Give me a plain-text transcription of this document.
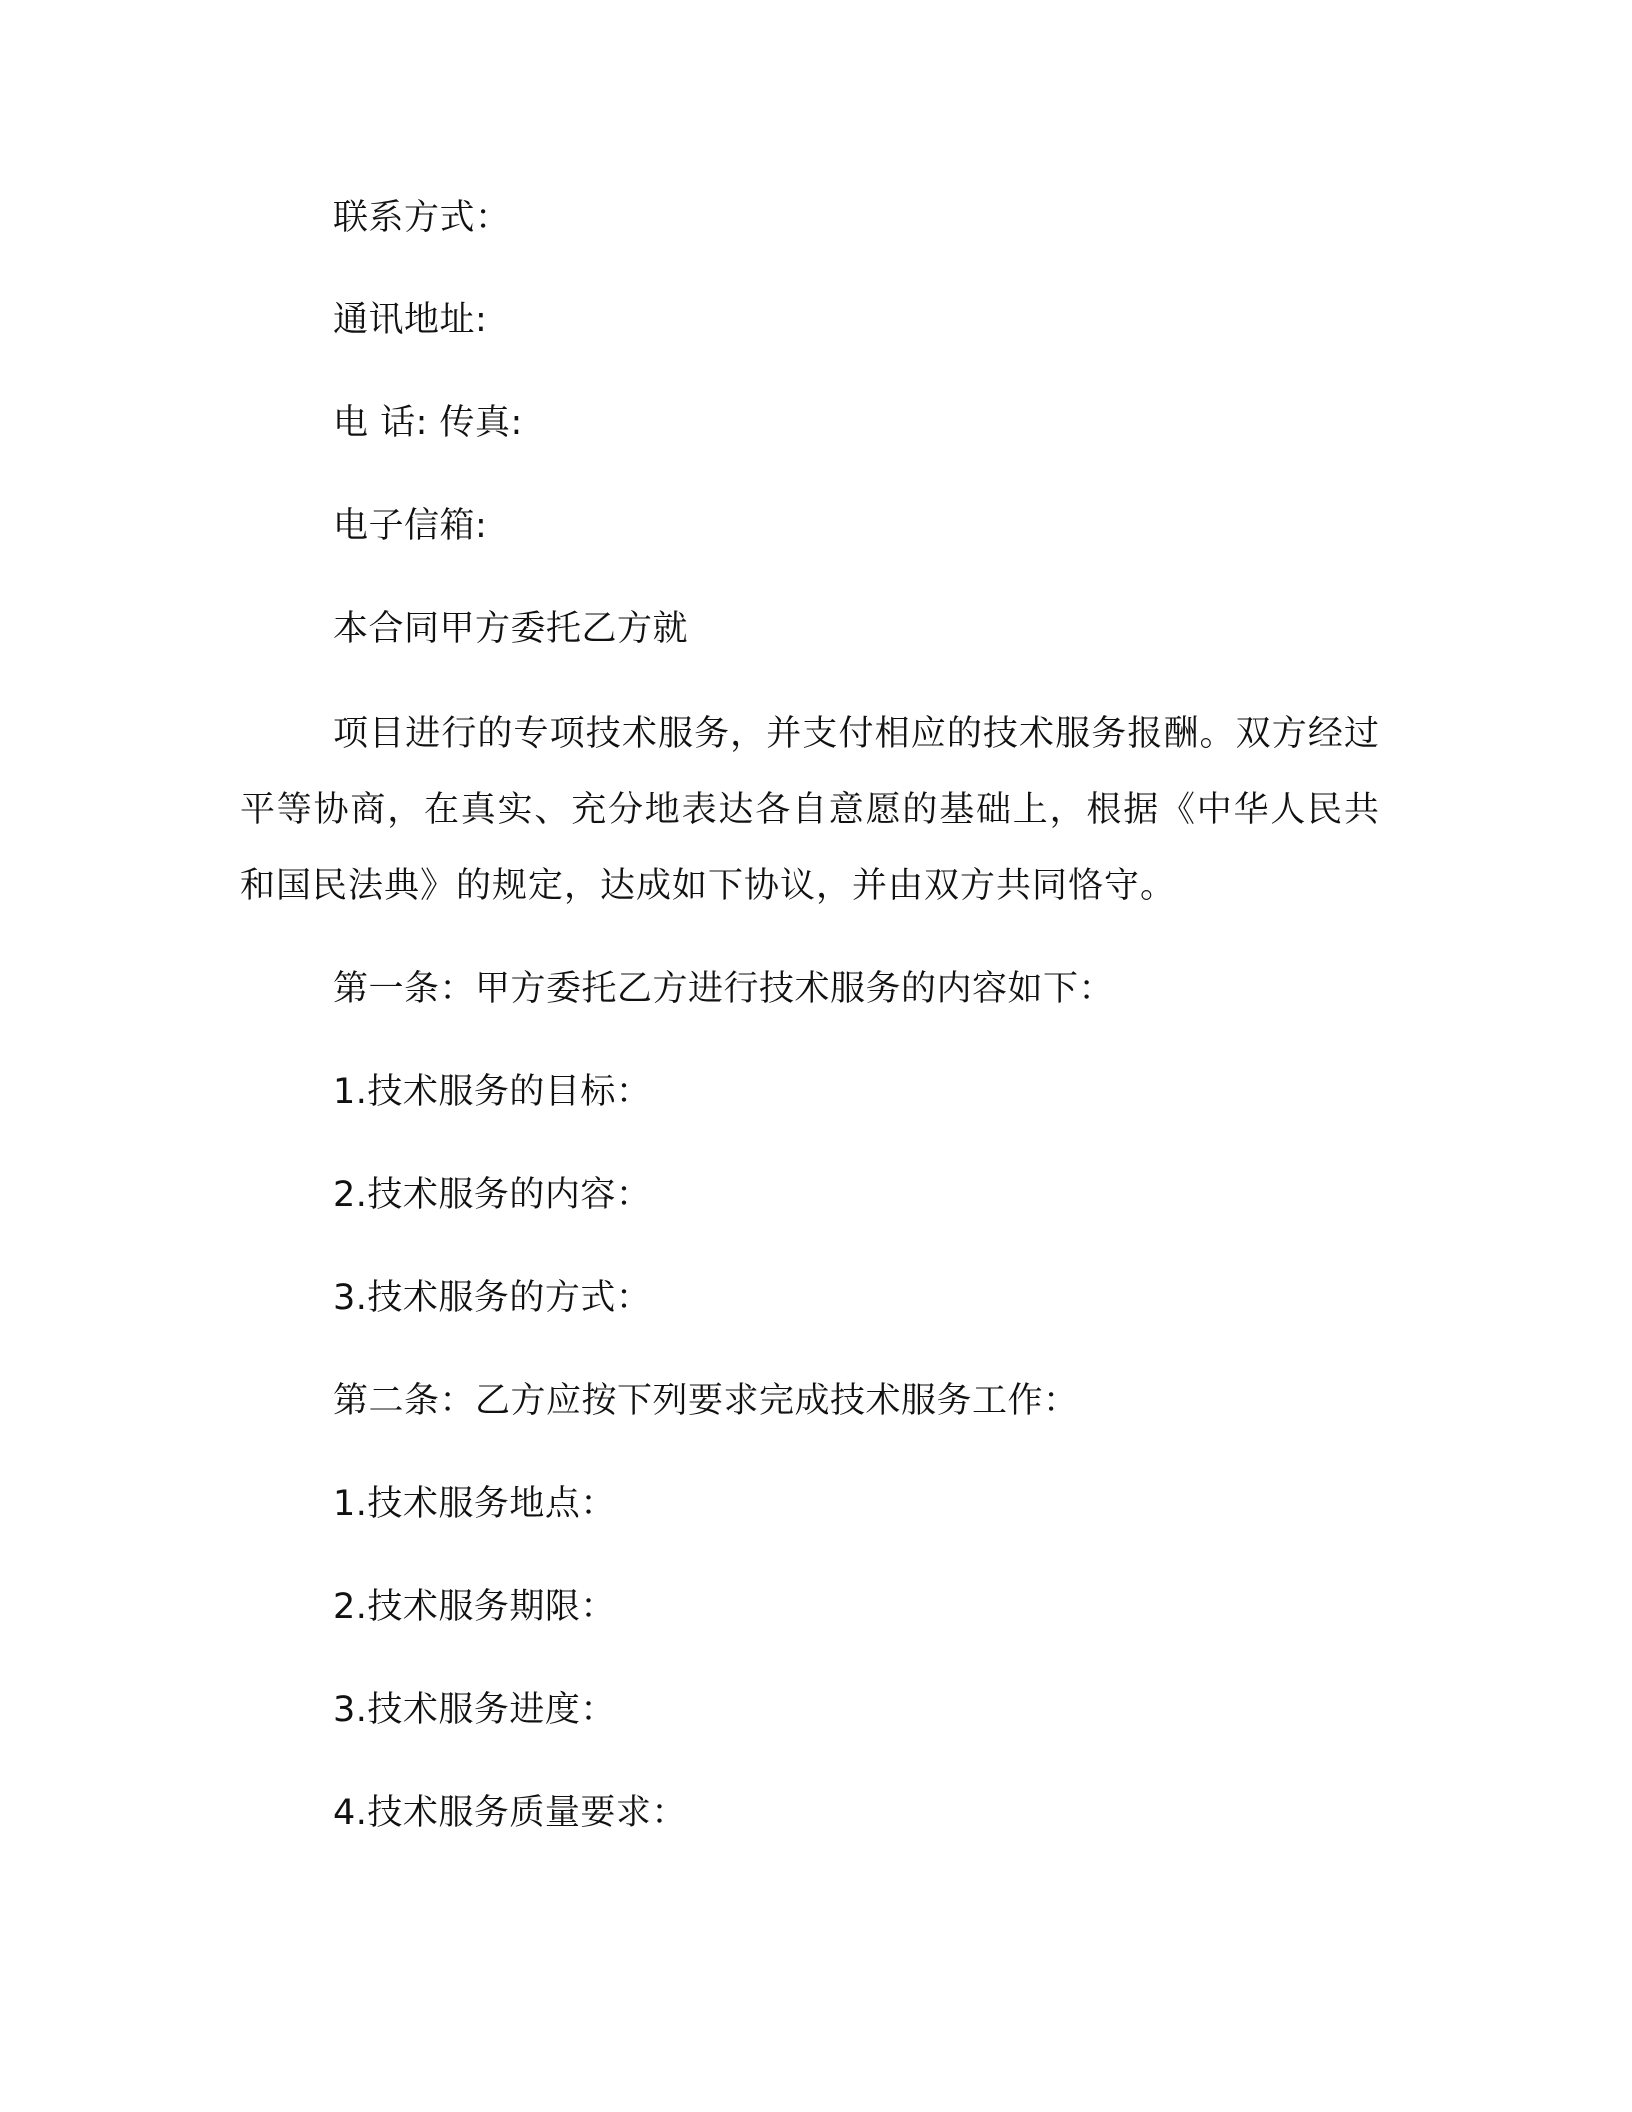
联系方式：
通讯地址:
电 话: 传真:
电子信箱:
本合同甲方委托乙方就
项目进行的专项技术服务，并支付相应的技术服务报酬。双方经过平等协商，在真实、充分地表达各自意愿的基础上，根据《中华人民共和国民法典》的规定，达成如下协议，并由双方共同恪守。
第一条：甲方委托乙方进行技术服务的内容如下：
1.技术服务的目标：
2.技术服务的内容：
3.技术服务的方式：
第二条：乙方应按下列要求完成技术服务工作：
1.技术服务地点：
2.技术服务期限：
3.技术服务进度：
4.技术服务质量要求：
